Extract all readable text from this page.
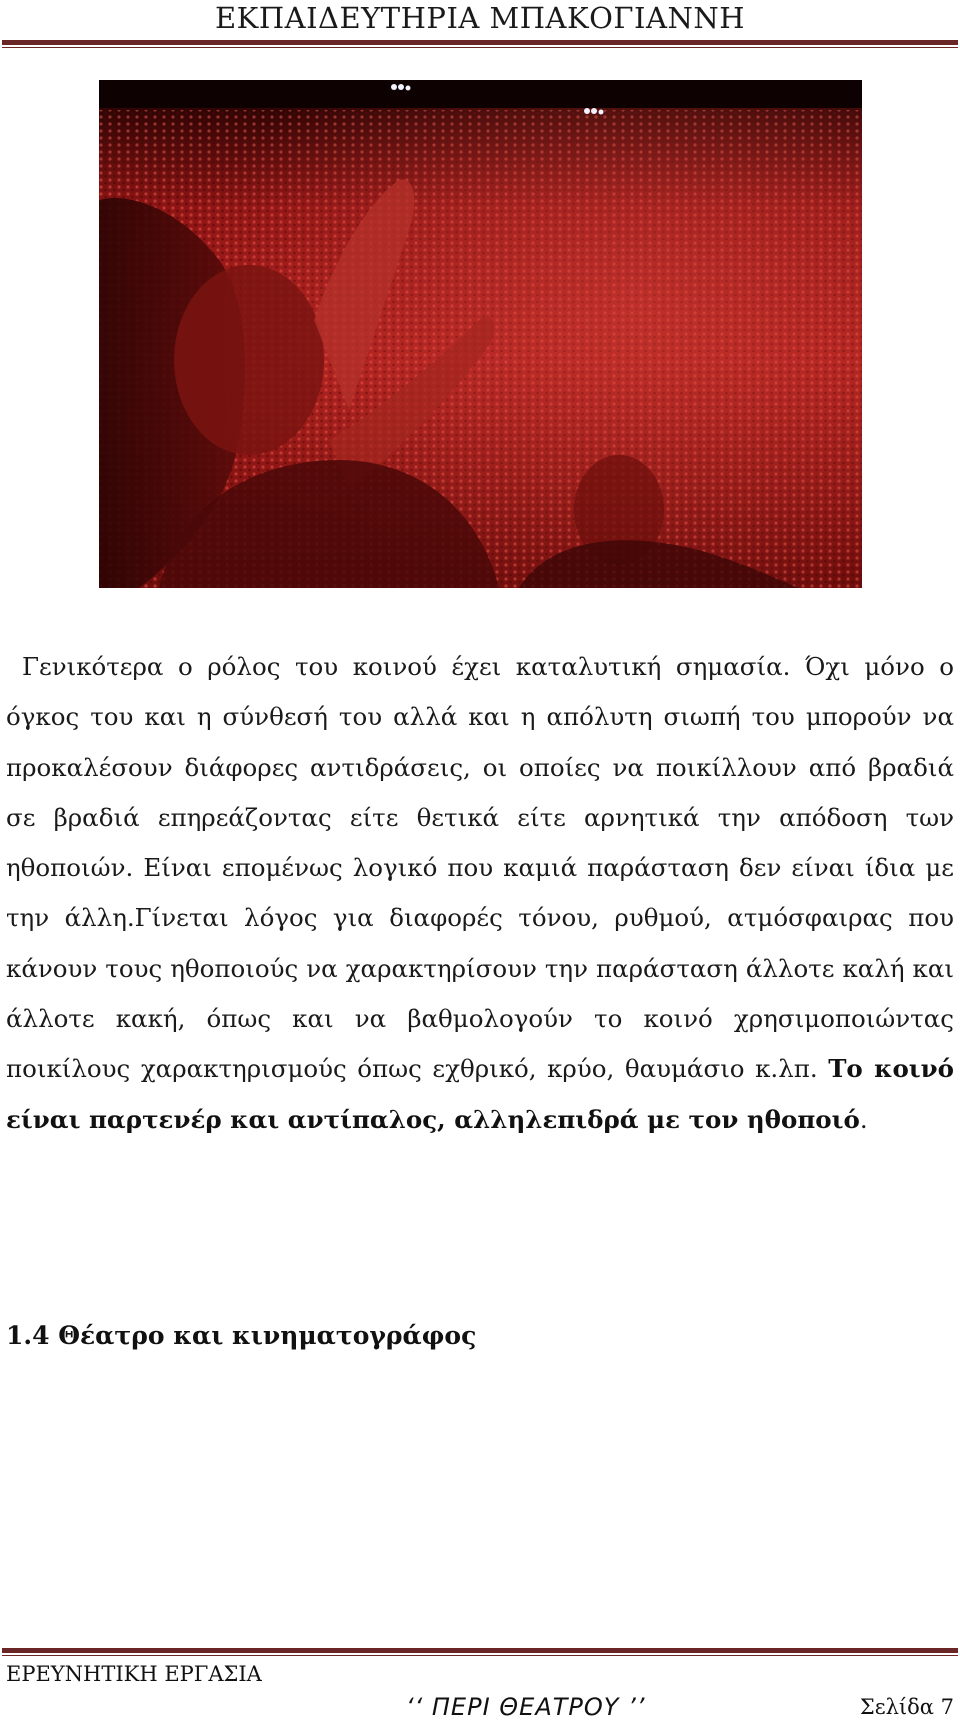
ΕΚΠΑΙΔΕΥΤΗΡΙΑ ΜΠΑΚΟΓΙΑΝΝΗ

Γενικότερα ο ρόλος του κοινού έχει καταλυτική σημασία. Όχι μόνο ο όγκος του και η σύνθεσή του αλλά και η απόλυτη σιωπή του μπορούν να προκαλέσουν διάφορες αντιδράσεις, οι οποίες να ποικίλλουν από βραδιά σε βραδιά επηρεάζοντας είτε θετικά είτε αρνητικά την απόδοση των ηθοποιών. Είναι επομένως λογικό που καμιά παράσταση δεν είναι ίδια με την άλλη.Γίνεται λόγος για διαφορές τόνου, ρυθμού, ατμόσφαιρας που κάνουν τους ηθοποιούς να χαρακτηρίσουν την παράσταση άλλοτε καλή και άλλοτε κακή, όπως και να βαθμολογούν το κοινό χρησιμοποιώντας ποικίλους χαρακτηρισμούς όπως εχθρικό, κρύο, θαυμάσιο κ.λπ. Το κοινό είναι παρτενέρ και αντίπαλος, αλληλεπιδρά με τον ηθοποιό.

1.4 Θέατρο και κινηματογράφος
ΕΡΕΥΝΗΤΙΚΗ ΕΡΓΑΣΙΑ
‘‘ ΠΕΡΙ ΘΕΑΤΡΟΥ ’’	Σελίδα 7
